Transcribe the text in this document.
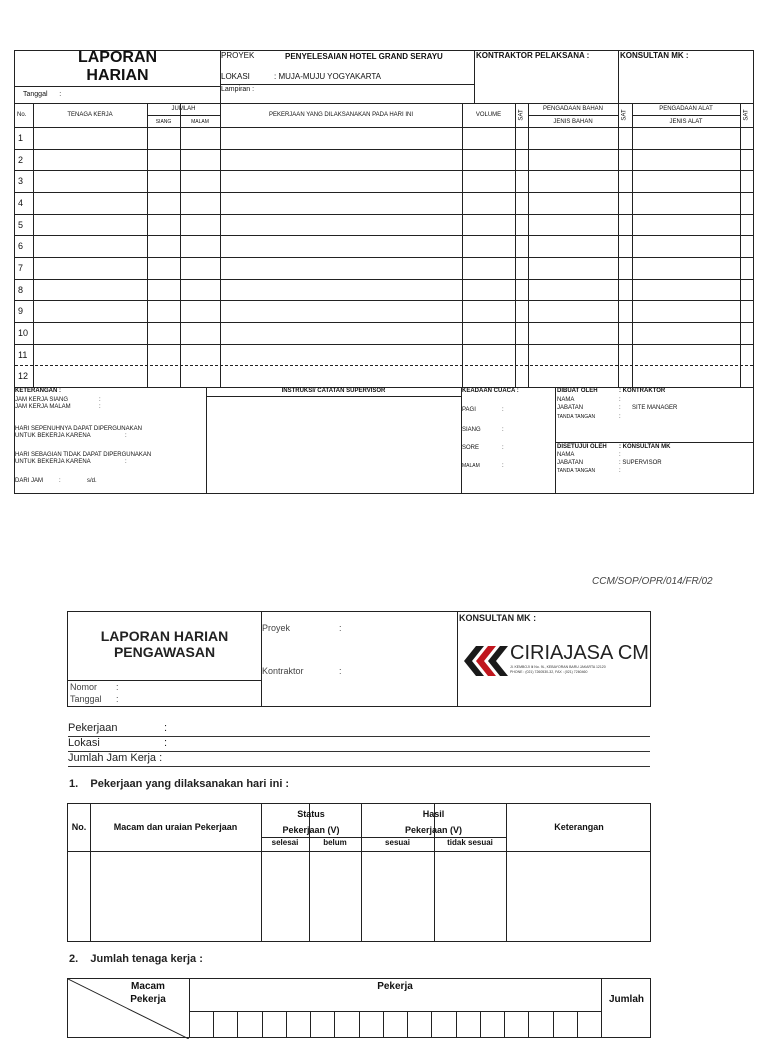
LAPORAN
HARIAN
Tanggal :
PROYEK	PENYELESAIAN HOTEL GRAND SERAYU
LOKASI	: MUJA-MUJU YOGYAKARTA
Lampiran :
KONTRAKTOR PELAKSANA :	KONSULTAN MK :
No.	TENAGA KERJA
JUMLAH
SIANG	MALAM
PEKERJAAN YANG DILAKSANAKAN PADA HARI INI	VOLUME	SAT
PENGADAAN BAHAN
JENIS BAHAN
SAT
PENGADAAN ALAT
JENIS ALAT
SAT
1
2
3
4
5
6
7
8
9
10
11
12
KETERANGAN :
JAM KERJA SIANG	:
JAM KERJA MALAM	:
HARI SEPENUHNYA DAPAT DIPERGUNAKAN
UNTUK BEKERJA KARENA	:
HARI SEBAGIAN TIDAK DAPAT DIPERGUNAKAN
UNTUK BEKERJA KARENA	:
DARI JAM	:	s/d.
INSTRUKSI/ CATATAN SUPERVISOR	KEADAAN CUACA :
PAGI	:
SIANG	:
SORE	:
MALAM	:
DIBUAT OLEH	: KONTRAKTOR
NAMA	:
JABATAN	: SITE MANAGER
TANDA TANGAN	:
DISETUJUI OLEH : KONSULTAN MK
NAMA	:
JABATAN	: SUPERVISOR
TANDA TANGAN	:
CCM/SOP/OPR/014/FR/02
LAPORAN HARIAN
PENGAWASAN
Nomor :
Tanggal :
Proyek	:
Kontraktor	:
KONSULTAN MK :
CIRIAJASA CM
Jl. KEMBOJI Iii No. 9L, KEBAYORAN BARU JAKARTA 12120
PHONE : (021) 7260530-32, FAX : (021) 7260460
Pekerjaan	:
Lokasi	:
Jumlah Jam Kerja :
1.    Pekerjaan yang dilaksanakan hari ini :
No.	Macam dan uraian Pekerjaan
Status
Pekerjaan (V)
selesai	belum
Hasil
Pekerjaan (V)
sesuai	tidak sesuai
Keterangan
2.    Jumlah tenaga kerja :
Macam
Pekerja
Pekerja
Jumlah
